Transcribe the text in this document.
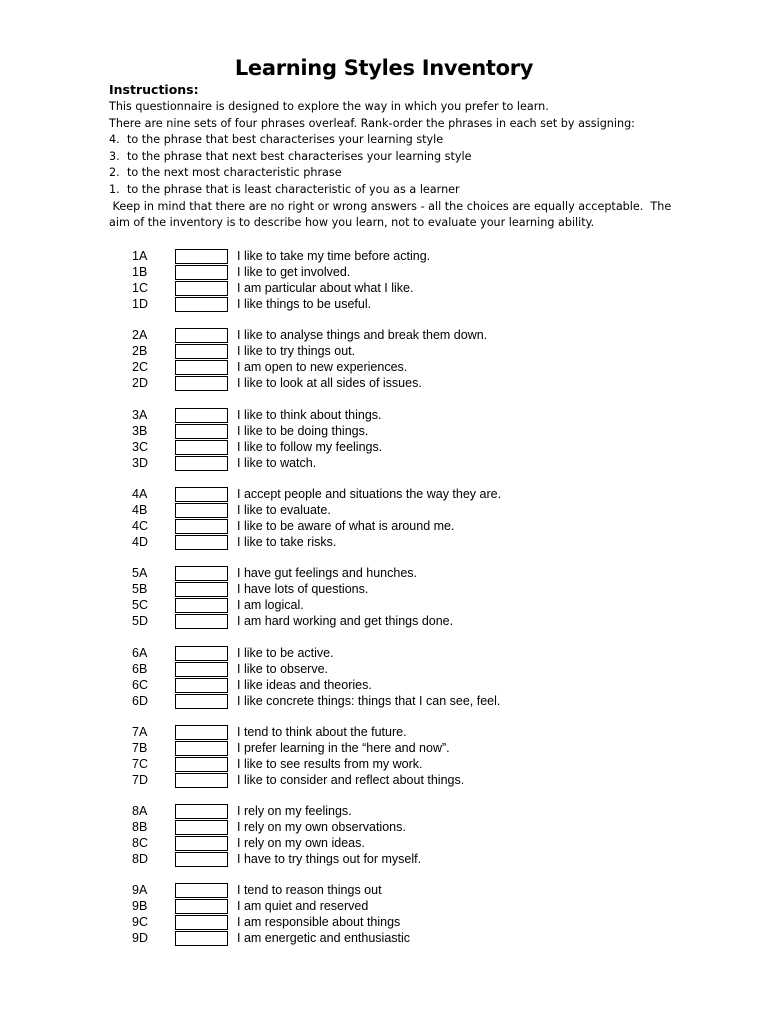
Learning Styles Inventory
Instructions:
This questionnaire is designed to explore the way in which you prefer to learn.
There are nine sets of four phrases overleaf. Rank-order the phrases in each set by assigning:
4. to the phrase that best characterises your learning style
3. to the phrase that next best characterises your learning style
2. to the next most characteristic phrase
1. to the phrase that is least characteristic of you as a learner
Keep in mind that there are no right or wrong answers - all the choices are equally acceptable.  The
aim of the inventory is to describe how you learn, not to evaluate your learning ability.
1A	I like to take my time before acting.
1B	I like to get involved.
1C	I am particular about what I like.
1D	I like things to be useful.
2A	I like to analyse things and break them down.
2B	I like to try things out.
2C	I am open to new experiences.
2D	I like to look at all sides of issues.
3A	I like to think about things.
3B	I like to be doing things.
3C	I like to follow my feelings.
3D	I like to watch.
4A	I accept people and situations the way they are.
4B	I like to evaluate.
4C	I like to be aware of what is around me.
4D	I like to take risks.
5A	I have gut feelings and hunches.
5B	I have lots of questions.
5C	I am logical.
5D	I am hard working and get things done.
6A	I like to be active.
6B	I like to observe.
6C	I like ideas and theories.
6D	I like concrete things: things that I can see, feel.
7A	I tend to think about the future.
7B	I prefer learning in the “here and now”.
7C	I like to see results from my work.
7D	I like to consider and reflect about things.
8A	I rely on my feelings.
8B	I rely on my own observations.
8C	I rely on my own ideas.
8D	I have to try things out for myself.
9A	I tend to reason things out
9B	I am quiet and reserved
9C	I am responsible about things
9D	I am energetic and enthusiastic
